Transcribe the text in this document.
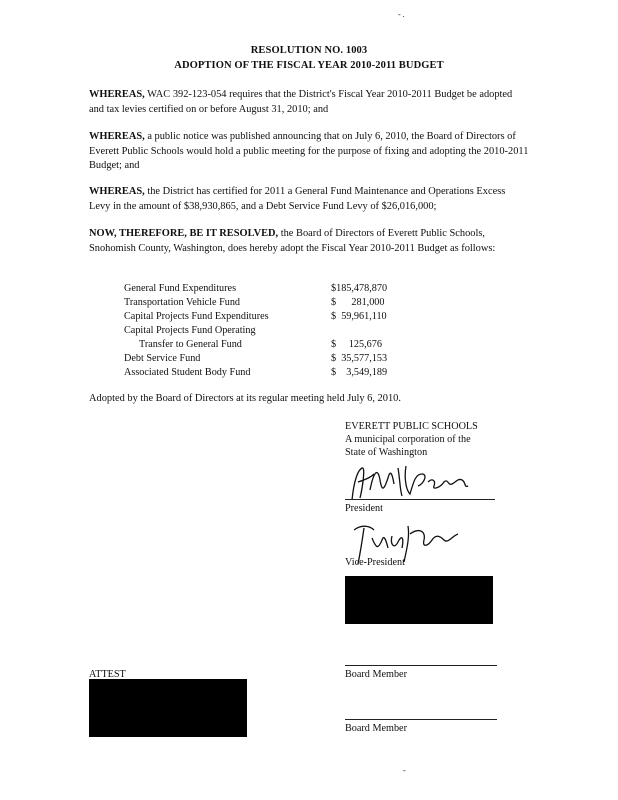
- .
RESOLUTION NO. 1003
ADOPTION OF THE FISCAL YEAR 2010-2011 BUDGET
WHEREAS, WAC 392-123-054 requires that the District's Fiscal Year 2010-2011 Budget be adopted and tax levies certified on or before August 31, 2010; and
WHEREAS, a public notice was published announcing that on July 6, 2010, the Board of Directors of Everett Public Schools would hold a public meeting for the purpose of fixing and adopting the 2010-2011 Budget; and
WHEREAS, the District has certified for 2011 a General Fund Maintenance and Operations Excess Levy in the amount of $38,930,865, and a Debt Service Fund Levy of $26,016,000;
NOW, THEREFORE, BE IT RESOLVED, the Board of Directors of Everett Public Schools, Snohomish County, Washington, does hereby adopt the Fiscal Year 2010-2011 Budget as follows:
General Fund Expenditures	$185,478,870
Transportation Vehicle Fund	$      281,000
Capital Projects Fund Expenditures	$  59,961,110
Capital Projects Fund Operating
Transfer to General Fund	$     125,676
Debt Service Fund	$  35,577,153
Associated Student Body Fund	$    3,549,189
Adopted by the Board of Directors at its regular meeting held July 6, 2010.
EVERETT PUBLIC SCHOOLS
A municipal corporation of the
State of Washington
President
Vice-President
Board Member
ATTEST
Board Member
-
